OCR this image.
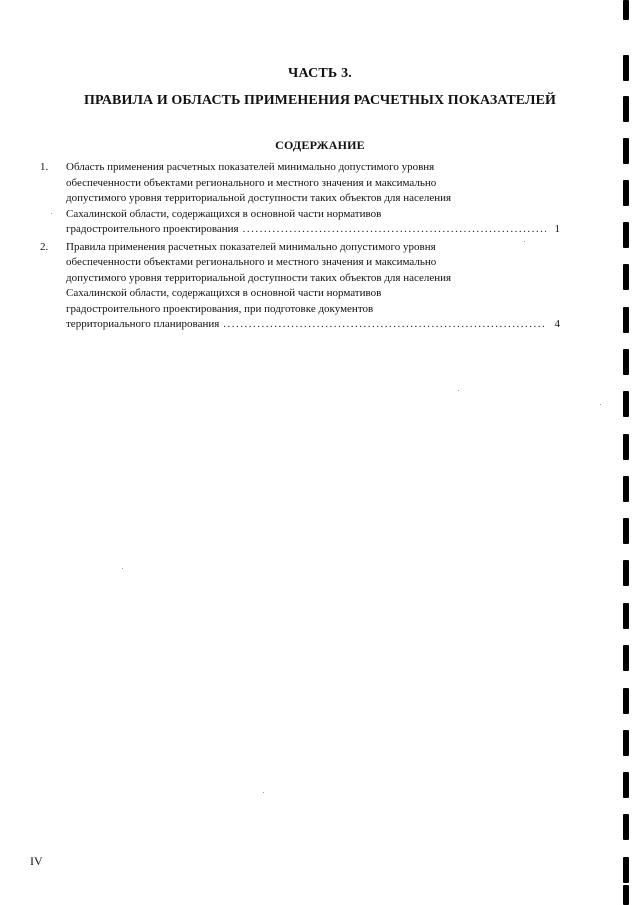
ЧАСТЬ 3.
ПРАВИЛА И ОБЛАСТЬ ПРИМЕНЕНИЯ РАСЧЕТНЫХ ПОКАЗАТЕЛЕЙ
СОДЕРЖАНИЕ
1. Область применения расчетных показателей минимально допустимого уровня
обеспеченности объектами регионального и местного значения и максимально
допустимого уровня территориальной доступности таких объектов для населения
Сахалинской области, содержащихся в основной части нормативов
градостроительного проектирования .....	1
2. Правила применения расчетных показателей минимально допустимого уровня
обеспеченности объектами регионального и местного значения и максимально
допустимого уровня территориальной доступности таких объектов для населения
Сахалинской области, содержащихся в основной части нормативов
градостроительного проектирования, при подготовке документов
территориального планирования .....	4
IV
